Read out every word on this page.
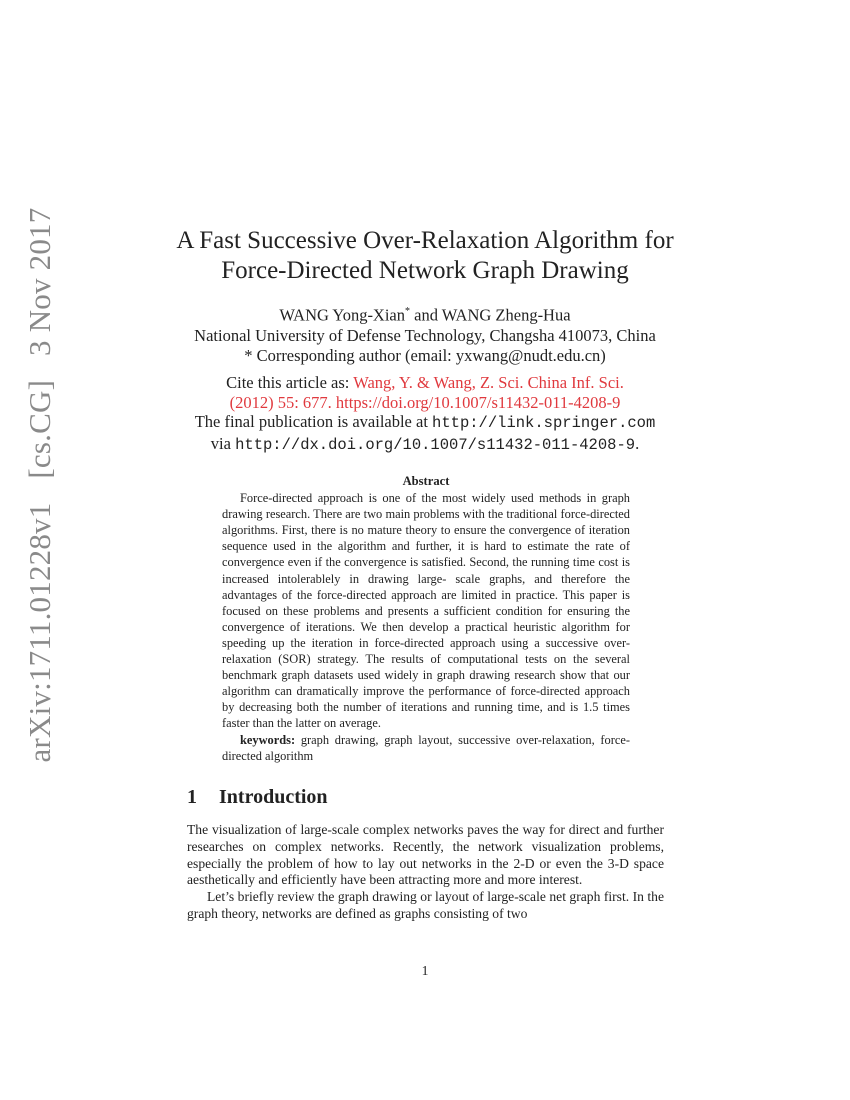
arXiv:1711.01228v1 [cs.CG] 3 Nov 2017	A Fast Successive Over-Relaxation Algorithm for
Force-Directed Network Graph Drawing
WANG Yong-Xian* and WANG Zheng-Hua
National University of Defense Technology, Changsha 410073, China
* Corresponding author (email: yxwang@nudt.edu.cn)
Cite this article as: Wang, Y. & Wang, Z. Sci. China Inf. Sci.
(2012) 55: 677. https://doi.org/10.1007/s11432-011-4208-9
The final publication is available at http://link.springer.com
via http://dx.doi.org/10.1007/s11432-011-4208-9.
Abstract

Force-directed approach is one of the most widely used methods in graph drawing research. There are two main problems with the traditional force-directed algorithms. First, there is no mature theory to ensure the convergence of iteration sequence used in the algorithm and further, it is hard to estimate the rate of convergence even if the convergence is satisfied. Second, the running time cost is increased intolerablely in drawing large- scale graphs, and therefore the advantages of the force-directed approach are limited in practice. This paper is focused on these problems and presents a sufficient condition for ensuring the convergence of iterations. We then develop a practical heuristic algorithm for speeding up the iteration in force-directed approach using a successive over-relaxation (SOR) strategy. The results of computational tests on the several benchmark graph datasets used widely in graph drawing research show that our algorithm can dramatically improve the performance of force-directed approach by decreasing both the number of iterations and running time, and is 1.5 times faster than the latter on average.

keywords: graph drawing, graph layout, successive over-relaxation, force-directed algorithm

1 Introduction

The visualization of large-scale complex networks paves the way for direct and further researches on complex networks. Recently, the network visualization problems, especially the problem of how to lay out networks in the 2-D or even the 3-D space aesthetically and efficiently have been attracting more and more interest.

Let’s briefly review the graph drawing or layout of large-scale net graph first. In the graph theory, networks are defined as graphs consisting of two

1
